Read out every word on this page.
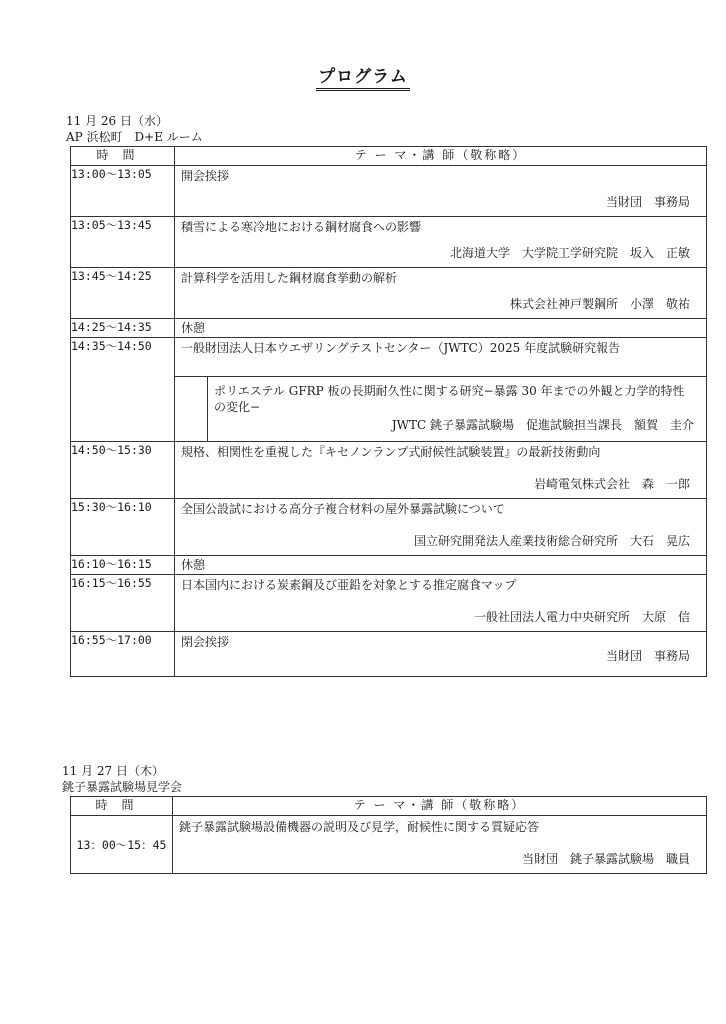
プログラム
11 月 26 日（水）
AP 浜松町　D+E ルーム
時間	テ ー マ・講 師（敬称略）
13:00〜13:05	開会挨拶
当財団　事務局

13:05〜13:45	積雪による寒冷地における鋼材腐食への影響
北海道大学　大学院工学研究院　坂入　正敏

13:45〜14:25	計算科学を活用した鋼材腐食挙動の解析
株式会社神戸製鋼所　小澤　敬祐

14:25〜14:35	休憩

14:35〜14:50	一般財団法人日本ウエザリングテストセンター（JWTC）2025 年度試験研究報告
ポリエステル GFRP 板の長期耐久性に関する研究−暴露 30 年までの外観と力学的特性の変化−
JWTC 銚子暴露試験場　促進試験担当課長　額賀　圭介

14:50〜15:30	規格、相関性を重視した『キセノンランプ式耐候性試験装置』の最新技術動向
岩崎電気株式会社　森　一郎

15:30〜16:10	全国公設試における高分子複合材料の屋外暴露試験について
国立研究開発法人産業技術総合研究所　大石　晃広

16:10〜16:15	休憩

16:15〜16:55	日本国内における炭素鋼及び亜鉛を対象とする推定腐食マップ
一般社団法人電力中央研究所　大原　信

16:55〜17:00	閉会挨拶
当財団　事務局
11 月 27 日（木）
銚子暴露試験場見学会
時間	テ ー マ・講 師（敬称略）
13：00〜15：45	銚子暴露試験場設備機器の説明及び見学，耐候性に関する質疑応答
当財団　銚子暴露試験場　職員
